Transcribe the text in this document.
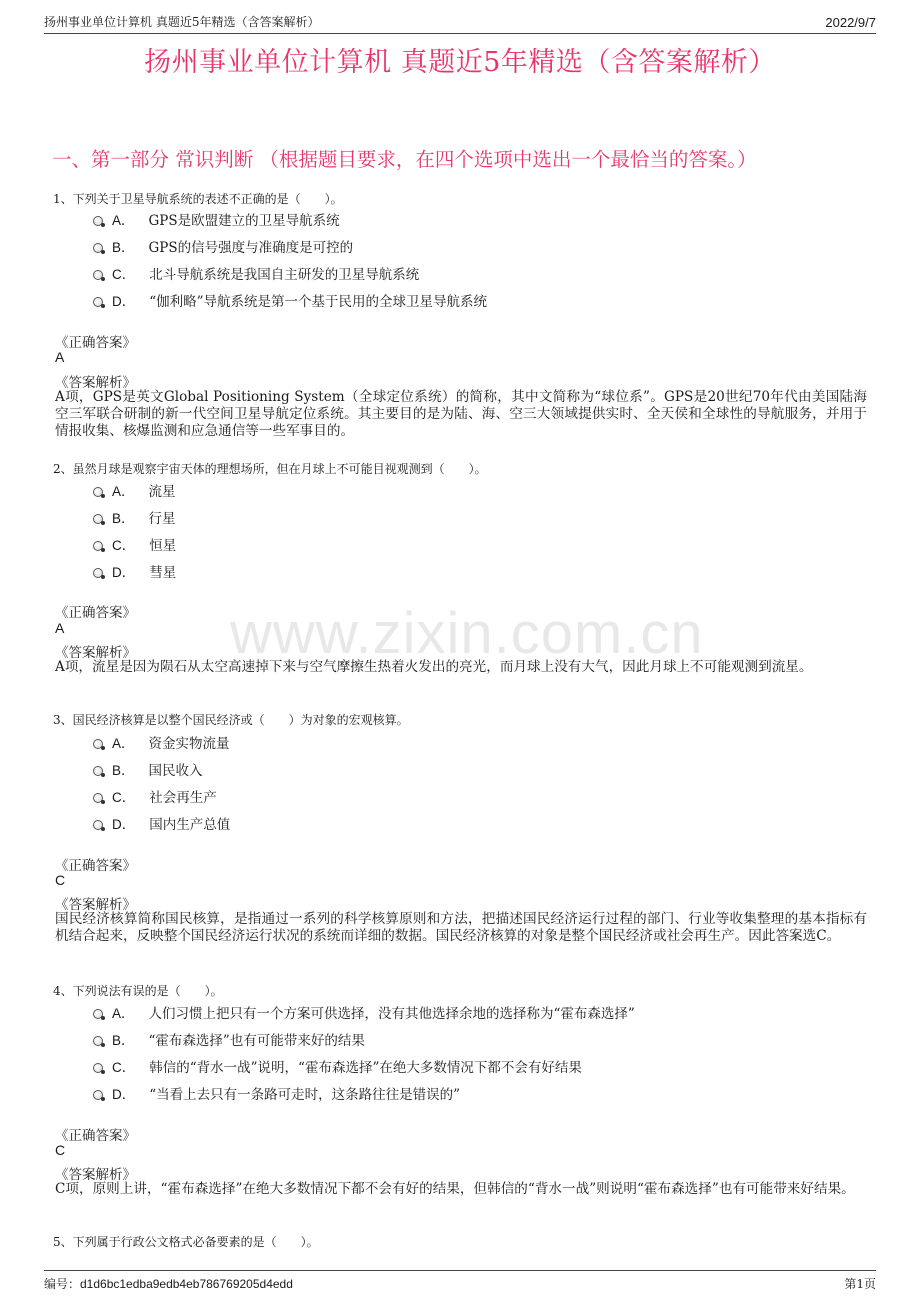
扬州事业单位计算机 真题近5年精选（含答案解析）	2022/9/7
扬州事业单位计算机 真题近5年精选（含答案解析）
一、第一部分 常识判断 （根据题目要求，在四个选项中选出一个最恰当的答案。）
www.zixin.com.cn
1、下列关于卫星导航系统的表述不正确的是（　　）。
A． GPS是欧盟建立的卫星导航系统
B． GPS的信号强度与准确度是可控的
C． 北斗导航系统是我国自主研发的卫星导航系统
D． “伽利略”导航系统是第一个基于民用的全球卫星导航系统
《正确答案》
A
《答案解析》
A项，GPS是英文Global Positioning System（全球定位系统）的简称，其中文简称为“球位系”。GPS是20世纪70年代由美国陆海空三军联合研制的新一代空间卫星导航定位系统。其主要目的是为陆、海、空三大领域提供实时、全天侯和全球性的导航服务，并用于情报收集、核爆监测和应急通信等一些军事目的。
2、虽然月球是观察宇宙天体的理想场所，但在月球上不可能目视观测到（　　）。
A． 流星
B． 行星
C． 恒星
D． 彗星
《正确答案》
A
《答案解析》
A项，流星是因为陨石从太空高速掉下来与空气摩擦生热着火发出的亮光，而月球上没有大气，因此月球上不可能观测到流星。
3、国民经济核算是以整个国民经济或（　　）为对象的宏观核算。
A． 资金实物流量
B． 国民收入
C． 社会再生产
D． 国内生产总值
《正确答案》
C
《答案解析》
国民经济核算简称国民核算，是指通过一系列的科学核算原则和方法，把描述国民经济运行过程的部门、行业等收集整理的基本指标有机结合起来，反映整个国民经济运行状况的系统而详细的数据。国民经济核算的对象是整个国民经济或社会再生产。因此答案选C。
4、下列说法有误的是（　　）。
A． 人们习惯上把只有一个方案可供选择，没有其他选择余地的选择称为“霍布森选择”
B． “霍布森选择”也有可能带来好的结果
C． 韩信的“背水一战”说明，“霍布森选择”在绝大多数情况下都不会有好结果
D． “当看上去只有一条路可走时，这条路往往是错误的”
《正确答案》
C
《答案解析》
C项，原则上讲，“霍布森选择”在绝大多数情况下都不会有好的结果，但韩信的“背水一战”则说明“霍布森选择”也有可能带来好结果。
5、下列属于行政公文格式必备要素的是（　　）。
编号：d1d6bc1edba9edb4eb786769205d4edd	第1页
